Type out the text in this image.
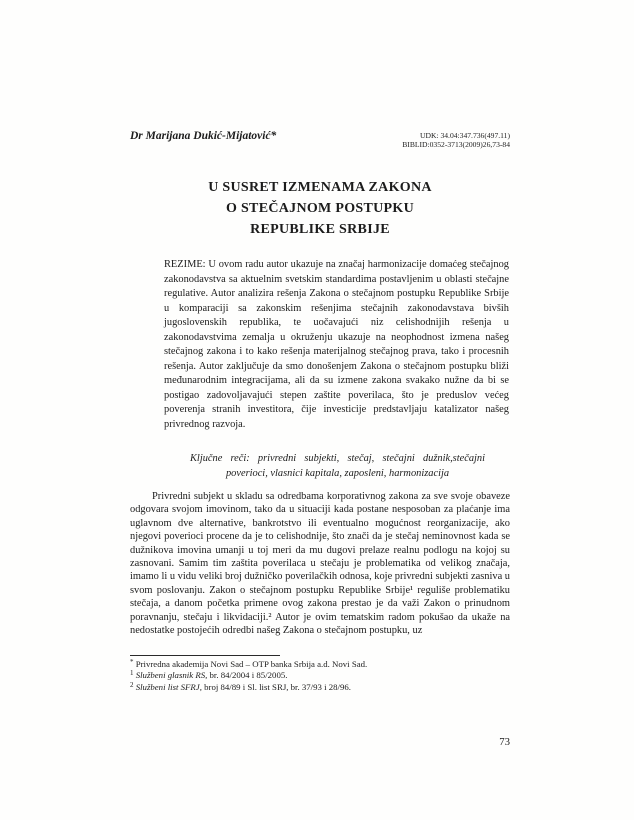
Dr Marijana Dukić-Mijatović*	UDK: 34.04:347.736(497.11)
BIBLID:0352-3713(2009)26,73-84
U SUSRET IZMENAMA ZAKONA
O STEČAJNOM POSTUPKU
REPUBLIKE SRBIJE
REZIME: U ovom radu autor ukazuje na značaj harmonizacije domaćeg stečajnog zakonodavstva sa aktuelnim svetskim standardima postavljenim u oblasti stečajne regulative. Autor analizira rešenja Zakona o stečajnom postupku Republike Srbije u komparaciji sa zakonskim rešenjima stečajnih zakonodavstava bivših jugoslovenskih republika, te uočavajući niz celishodnijih rešenja u zakonodavstvima zemalja u okruženju ukazuje na neophodnost izmena našeg stečajnog zakona i to kako rešenja materijalnog stečajnog prava, tako i procesnih rešenja. Autor zaključuje da smo donošenjem Zakona o stečajnom postupku bliži međunarodnim integracijama, ali da su izmene zakona svakako nužne da bi se postigao zadovoljavajući stepen zaštite poverilaca, što je preduslov većeg poverenja stranih investitora, čije investicije predstavljaju katalizator našeg privrednog razvoja.
Ključne reči: privredni subjekti, stečaj, stečajni dužnik,stečajni poverioci, vlasnici kapitala, zaposleni, harmonizacija

Privredni subjekt u skladu sa odredbama korporativnog zakona za sve svoje obaveze odgovara svojom imovinom, tako da u situaciji kada postane nesposoban za plaćanje ima uglavnom dve alternative, bankrotstvo ili eventualno mogućnost reorganizacije, ako njegovi poverioci procene da je to celishodnije, što znači da je stečaj neminovnost kada se dužnikova imovina umanji u toj meri da mu dugovi prelaze realnu podlogu na kojoj su zasnovani. Samim tim zaštita poverilaca u stečaju je problematika od velikog značaja, imamo li u vidu veliki broj dužničko poverilačkih odnosa, koje privredni subjekti zasniva u svom poslovanju. Zakon o stečajnom postupku Republike Srbije¹ reguliše problematiku stečaja, a danom početka primene ovog zakona prestao je da važi Zakon o prinudnom poravnanju, stečaju i likvidaciji.² Autor je ovim tematskim radom pokušao da ukaže na nedostatke postojećih odredbi našeg Zakona o stečajnom postupku, uz

* Privredna akademija Novi Sad – OTP banka Srbija a.d. Novi Sad.

$^1$ Službeni glasnik RS, br. 84/2004 i 85/2005.

$^2$ Službeni list SFRJ, broj 84/89 i Sl. list SRJ, br. 37/93 i 28/96.

73
